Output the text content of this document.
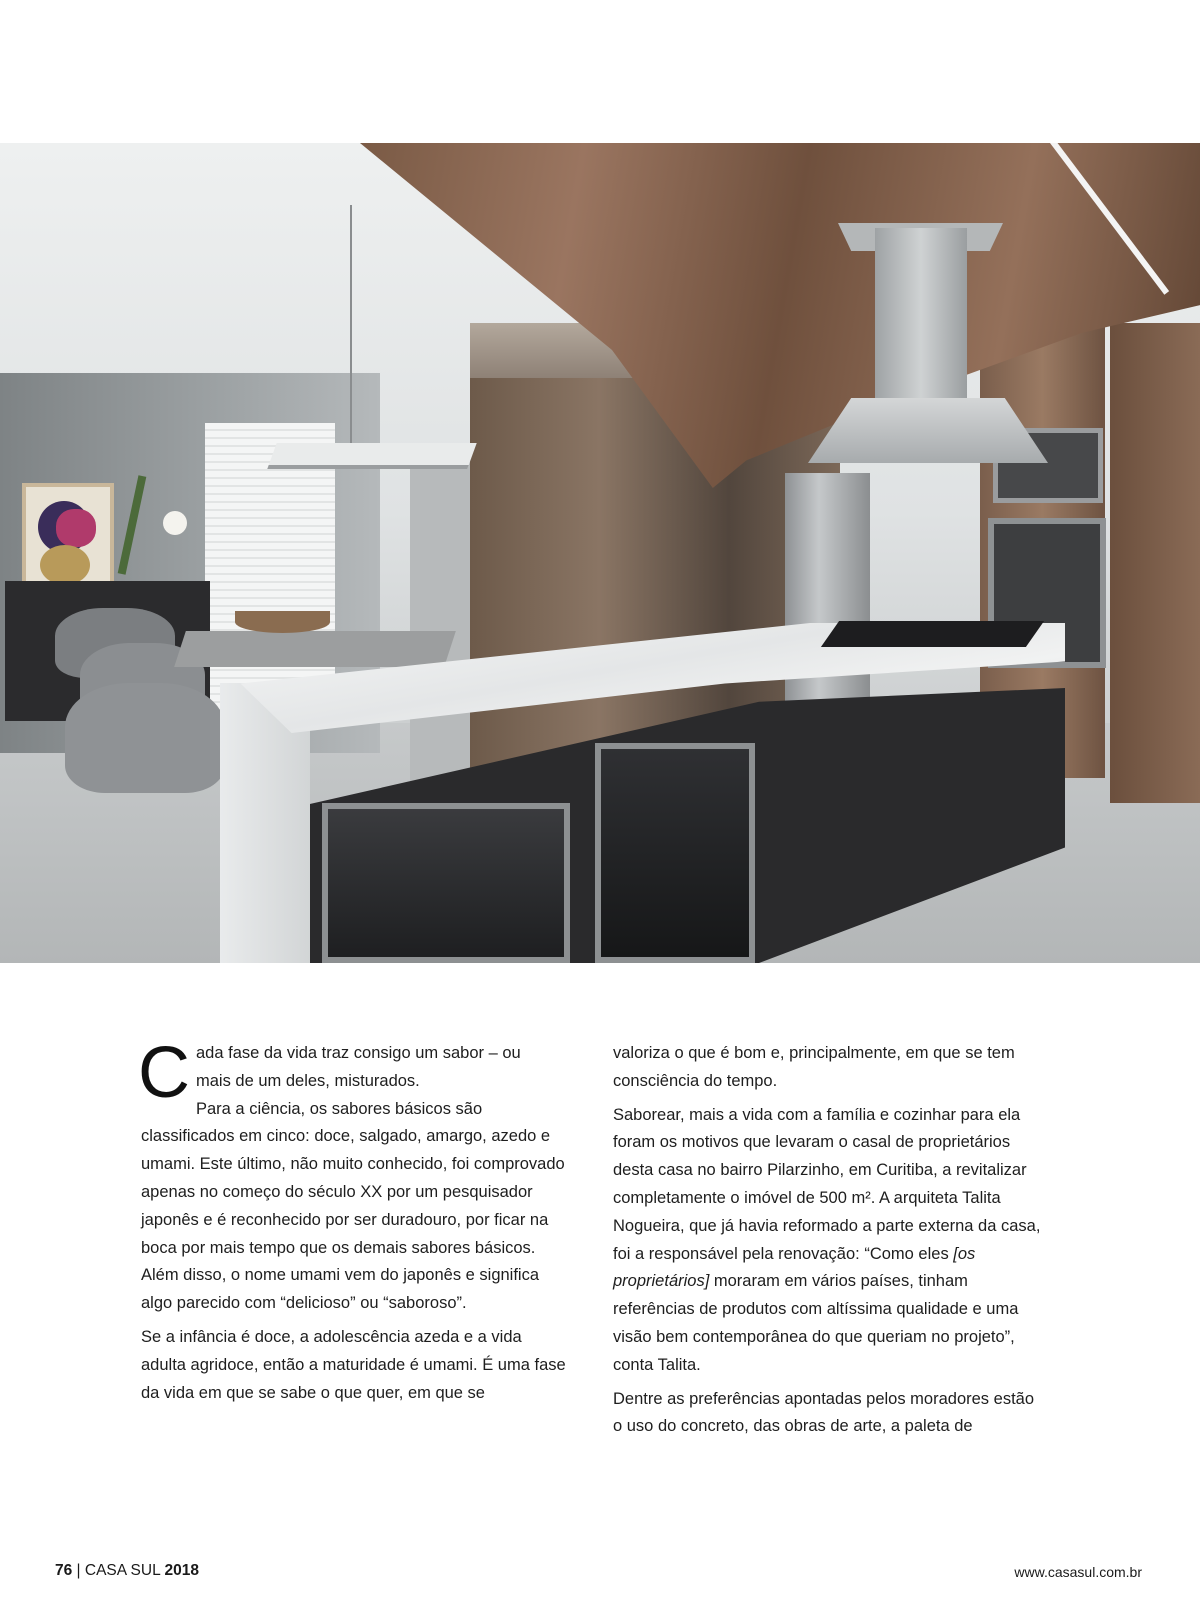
C ada fase da vida traz consigo um sabor – ou
mais de um deles, misturados.
Para a ciência, os sabores básicos são classificados em cinco: doce, salgado, amargo, azedo e umami. Este último, não muito conhecido, foi comprovado apenas no começo do século XX por um pesquisador japonês e é reconhecido por ser duradouro, por ficar na boca por mais tempo que os demais sabores básicos. Além disso, o nome umami vem do japonês e significa algo parecido com “delicioso” ou “saboroso”.

Se a infância é doce, a adolescência azeda e a vida adulta agridoce, então a maturidade é umami. É uma fase da vida em que se sabe o que quer, em que se

valoriza o que é bom e, principalmente, em que se tem consciência do tempo.

Saborear, mais a vida com a família e cozinhar para ela foram os motivos que levaram o casal de proprietários desta casa no bairro Pilarzinho, em Curitiba, a revitalizar completamente o imóvel de 500 m². A arquiteta Talita Nogueira, que já havia reformado a parte externa da casa, foi a responsável pela renovação: “Como eles [os proprietários] moraram em vários países, tinham referências de produtos com altíssima qualidade e uma visão bem contemporânea do que queriam no projeto”, conta Talita.

Dentre as preferências apontadas pelos moradores estão o uso do concreto, das obras de arte, a paleta de

76 | CASA SUL 2018	www.casasul.com.br
